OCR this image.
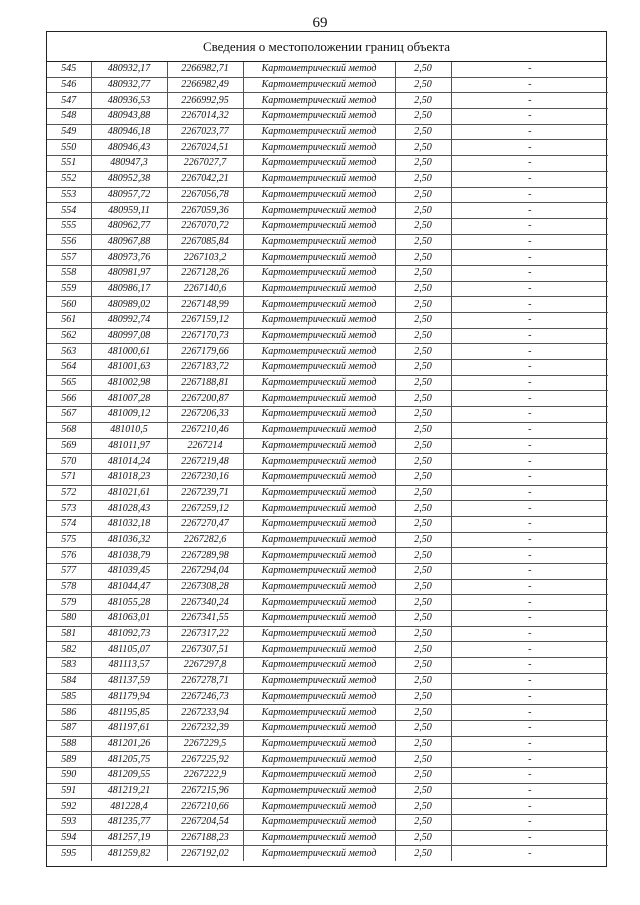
69
Сведения о местоположении границ объекта
545	480932,17	2266982,71	Картометрический метод	2,50	-
546	480932,77	2266982,49	Картометрический метод	2,50	-
547	480936,53	2266992,95	Картометрический метод	2,50	-
548	480943,88	2267014,32	Картометрический метод	2,50	-
549	480946,18	2267023,77	Картометрический метод	2,50	-
550	480946,43	2267024,51	Картометрический метод	2,50	-
551	480947,3	2267027,7	Картометрический метод	2,50	-
552	480952,38	2267042,21	Картометрический метод	2,50	-
553	480957,72	2267056,78	Картометрический метод	2,50	-
554	480959,11	2267059,36	Картометрический метод	2,50	-
555	480962,77	2267070,72	Картометрический метод	2,50	-
556	480967,88	2267085,84	Картометрический метод	2,50	-
557	480973,76	2267103,2	Картометрический метод	2,50	-
558	480981,97	2267128,26	Картометрический метод	2,50	-
559	480986,17	2267140,6	Картометрический метод	2,50	-
560	480989,02	2267148,99	Картометрический метод	2,50	-
561	480992,74	2267159,12	Картометрический метод	2,50	-
562	480997,08	2267170,73	Картометрический метод	2,50	-
563	481000,61	2267179,66	Картометрический метод	2,50	-
564	481001,63	2267183,72	Картометрический метод	2,50	-
565	481002,98	2267188,81	Картометрический метод	2,50	-
566	481007,28	2267200,87	Картометрический метод	2,50	-
567	481009,12	2267206,33	Картометрический метод	2,50	-
568	481010,5	2267210,46	Картометрический метод	2,50	-
569	481011,97	2267214	Картометрический метод	2,50	-
570	481014,24	2267219,48	Картометрический метод	2,50	-
571	481018,23	2267230,16	Картометрический метод	2,50	-
572	481021,61	2267239,71	Картометрический метод	2,50	-
573	481028,43	2267259,12	Картометрический метод	2,50	-
574	481032,18	2267270,47	Картометрический метод	2,50	-
575	481036,32	2267282,6	Картометрический метод	2,50	-
576	481038,79	2267289,98	Картометрический метод	2,50	-
577	481039,45	2267294,04	Картометрический метод	2,50	-
578	481044,47	2267308,28	Картометрический метод	2,50	-
579	481055,28	2267340,24	Картометрический метод	2,50	-
580	481063,01	2267341,55	Картометрический метод	2,50	-
581	481092,73	2267317,22	Картометрический метод	2,50	-
582	481105,07	2267307,51	Картометрический метод	2,50	-
583	481113,57	2267297,8	Картометрический метод	2,50	-
584	481137,59	2267278,71	Картометрический метод	2,50	-
585	481179,94	2267246,73	Картометрический метод	2,50	-
586	481195,85	2267233,94	Картометрический метод	2,50	-
587	481197,61	2267232,39	Картометрический метод	2,50	-
588	481201,26	2267229,5	Картометрический метод	2,50	-
589	481205,75	2267225,92	Картометрический метод	2,50	-
590	481209,55	2267222,9	Картометрический метод	2,50	-
591	481219,21	2267215,96	Картометрический метод	2,50	-
592	481228,4	2267210,66	Картометрический метод	2,50	-
593	481235,77	2267204,54	Картометрический метод	2,50	-
594	481257,19	2267188,23	Картометрический метод	2,50	-
595	481259,82	2267192,02	Картометрический метод	2,50	-
